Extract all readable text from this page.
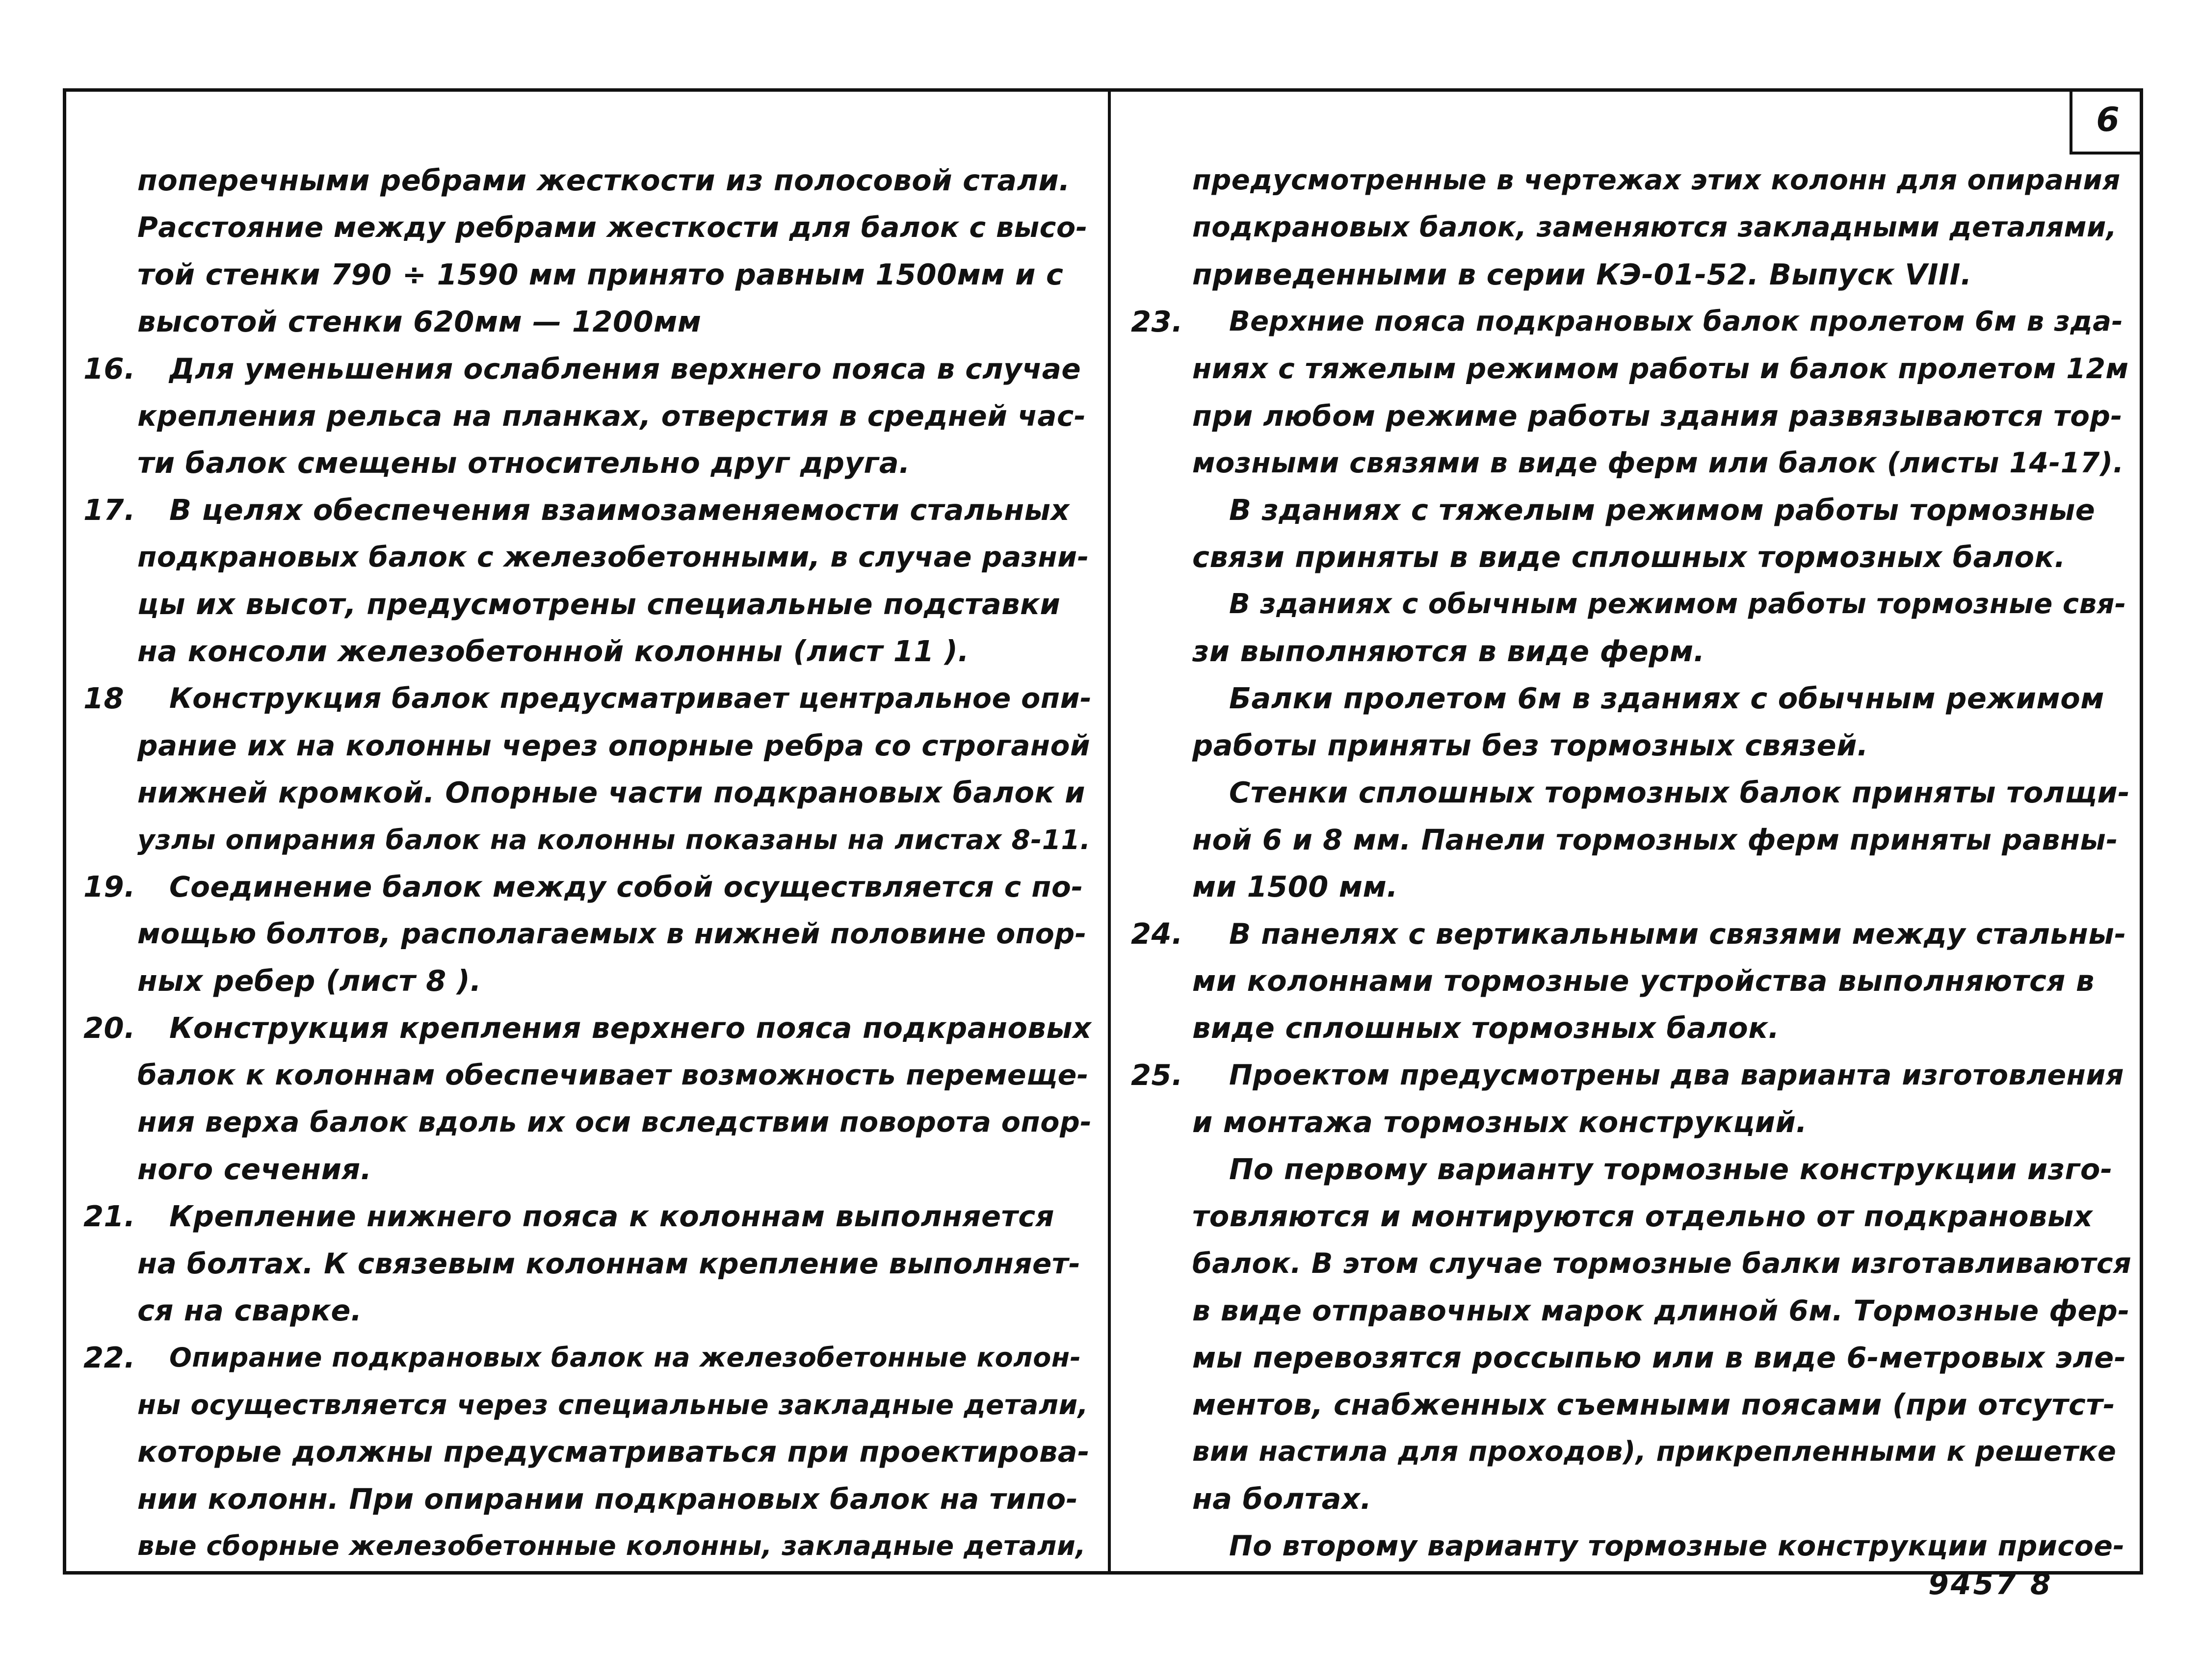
6
поперечными ребрами жесткости из полосовой стали.
Расстояние между ребрами жесткости для балок с высо-
той стенки 790 ÷ 1590 мм принято равным 1500мм и с
высотой стенки 620мм — 1200мм
16. Для уменьшения ослабления верхнего пояса в случае
крепления рельса на планках, отверстия в средней час-
ти балок смещены относительно друг друга.
17. В целях обеспечения взаимозаменяемости стальных
подкрановых балок с железобетонными, в случае разни-
цы их высот, предусмотрены специальные подставки
на консоли железобетонной колонны (лист 11 ).
18 Конструкция балок предусматривает центральное опи-
рание их на колонны через опорные ребра со строганой
нижней кромкой. Опорные части подкрановых балок и
узлы опирания балок на колонны показаны на листах 8-11.
19. Соединение балок между собой осуществляется с по-
мощью болтов, располагаемых в нижней половине опор-
ных ребер (лист 8 ).
20. Конструкция крепления верхнего пояса подкрановых
балок к колоннам обеспечивает возможность перемеще-
ния верха балок вдоль их оси вследствии поворота опор-
ного сечения.
21. Крепление нижнего пояса к колоннам выполняется
на болтах. К связевым колоннам крепление выполняет-
ся на сварке.
22. Опирание подкрановых балок на железобетонные колон-
ны осуществляется через специальные закладные детали,
которые должны предусматриваться при проектирова-
нии колонн. При опирании подкрановых балок на типо-
вые сборные железобетонные колонны, закладные детали,
предусмотренные в чертежах этих колонн для опирания
подкрановых балок, заменяются закладными деталями,
приведенными в серии КЭ-01-52. Выпуск VIII.
23. Верхние пояса подкрановых балок пролетом 6м в зда-
ниях с тяжелым режимом работы и балок пролетом 12м
при любом режиме работы здания развязываются тор-
мозными связями в виде ферм или балок (листы 14-17).
В зданиях с тяжелым режимом работы тормозные
связи приняты в виде сплошных тормозных балок.
В зданиях с обычным режимом работы тормозные свя-
зи выполняются в виде ферм.
Балки пролетом 6м в зданиях с обычным режимом
работы приняты без тормозных связей.
Стенки сплошных тормозных балок приняты толщи-
ной 6 и 8 мм. Панели тормозных ферм приняты равны-
ми 1500 мм.
24. В панелях с вертикальными связями между стальны-
ми колоннами тормозные устройства выполняются в
виде сплошных тормозных балок.
25. Проектом предусмотрены два варианта изготовления
и монтажа тормозных конструкций.
По первому варианту тормозные конструкции изго-
товляются и монтируются отдельно от подкрановых
балок. В этом случае тормозные балки изготавливаются
в виде отправочных марок длиной 6м. Тормозные фер-
мы перевозятся россыпью или в виде 6-метровых эле-
ментов, снабженных съемными поясами (при отсутст-
вии настила для проходов), прикрепленными к решетке
на болтах.
По второму варианту тормозные конструкции присое-
9457 8
